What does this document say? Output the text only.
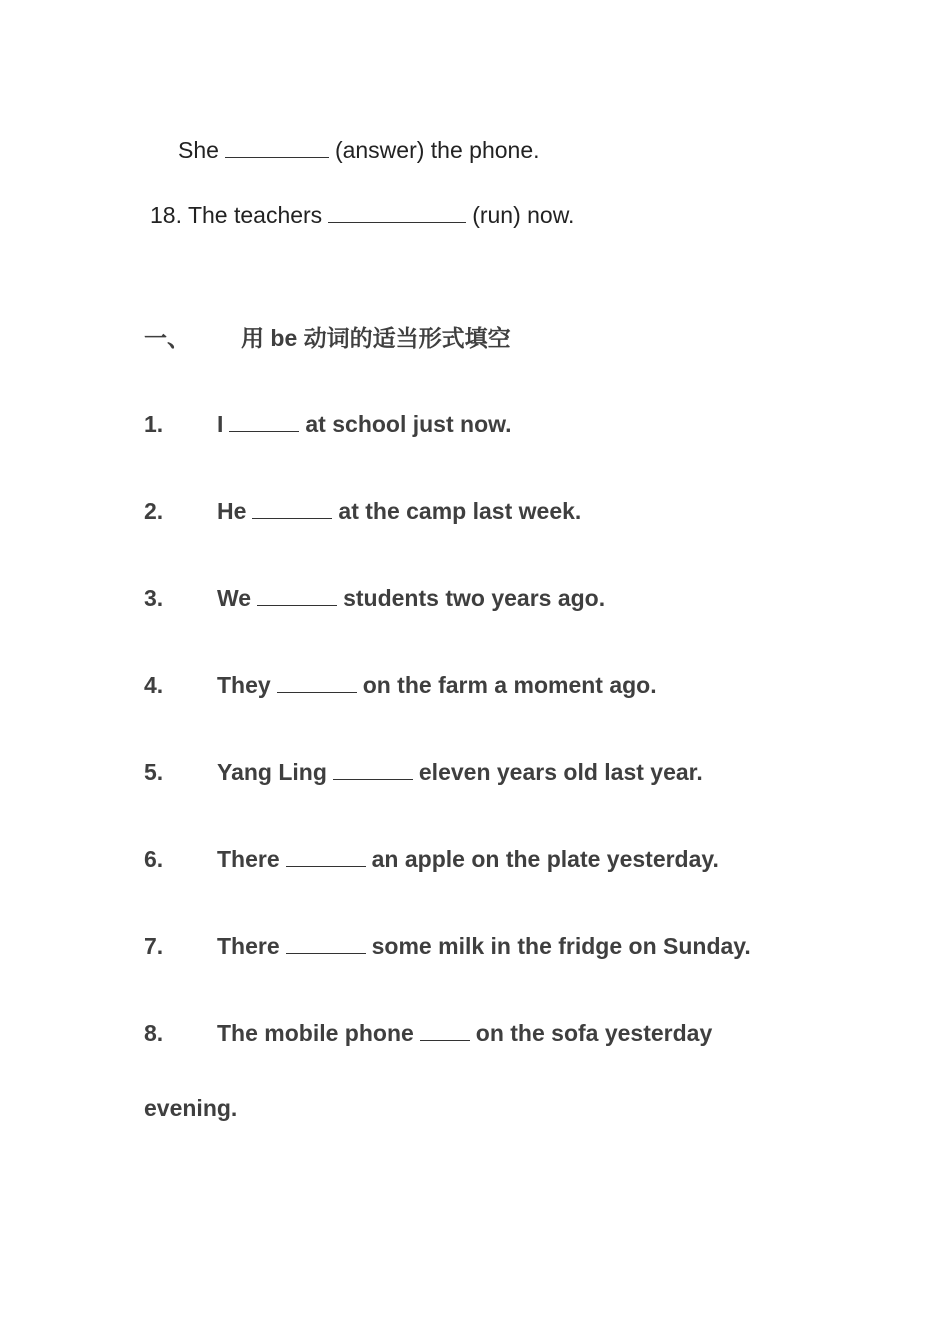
She	(answer) the phone.
18. The teachers	(run) now.
一、 用 be 动词的适当形式填空
1. I	at school just now.
2. He	at the camp last week.
3. We	students two years ago.
4. They	on the farm a moment ago.
5. Yang Ling	eleven years old last year.
6. There	an apple on the plate yesterday.
7. There	some milk in the fridge on Sunday.
8. The mobile phone	on the sofa yesterday
evening.
